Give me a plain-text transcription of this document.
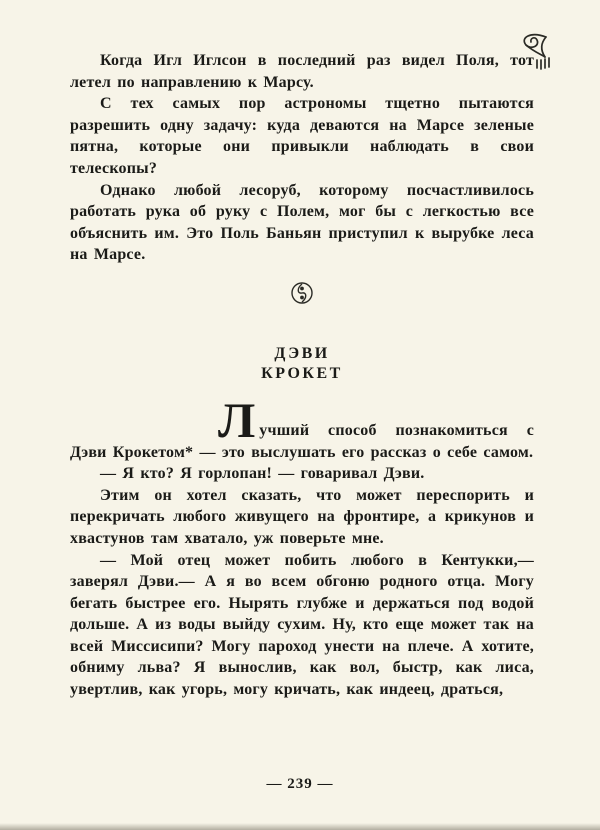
Когда Игл Иглсон в последний раз видел Поля, тот летел по направлению к Марсу.

С тех самых пор астрономы тщетно пытаются разрешить одну задачу: куда деваются на Марсе зеленые пятна, которые они привыкли наблюдать в свои телескопы?

Однако любой лесоруб, которому посчастливилось работать рука об руку с Полем, мог бы с легкостью все объяснить им. Это Поль Баньян приступил к вырубке леса на Марсе.

ДЭВИ
КРОКЕТ

Лучший способ познакомиться с Дэви Крокетом* — это выслушать его рассказ о себе самом.

— Я кто? Я горлопан! — говаривал Дэви.

Этим он хотел сказать, что может переспорить и перекричать любого живущего на фронтире, а крикунов и хвастунов там хватало, уж поверьте мне.

— Мой отец может побить любого в Кентукки,— заверял Дэви.— А я во всем обгоню родного отца. Могу бегать быстрее его. Нырять глубже и держаться под водой дольше. А из воды выйду сухим. Ну, кто еще может так на всей Миссисипи? Могу пароход унести на плече. А хотите, обниму льва? Я вынослив, как вол, быстр, как лиса, увертлив, как угорь, могу кричать, как индеец, драться,

— 239 —
